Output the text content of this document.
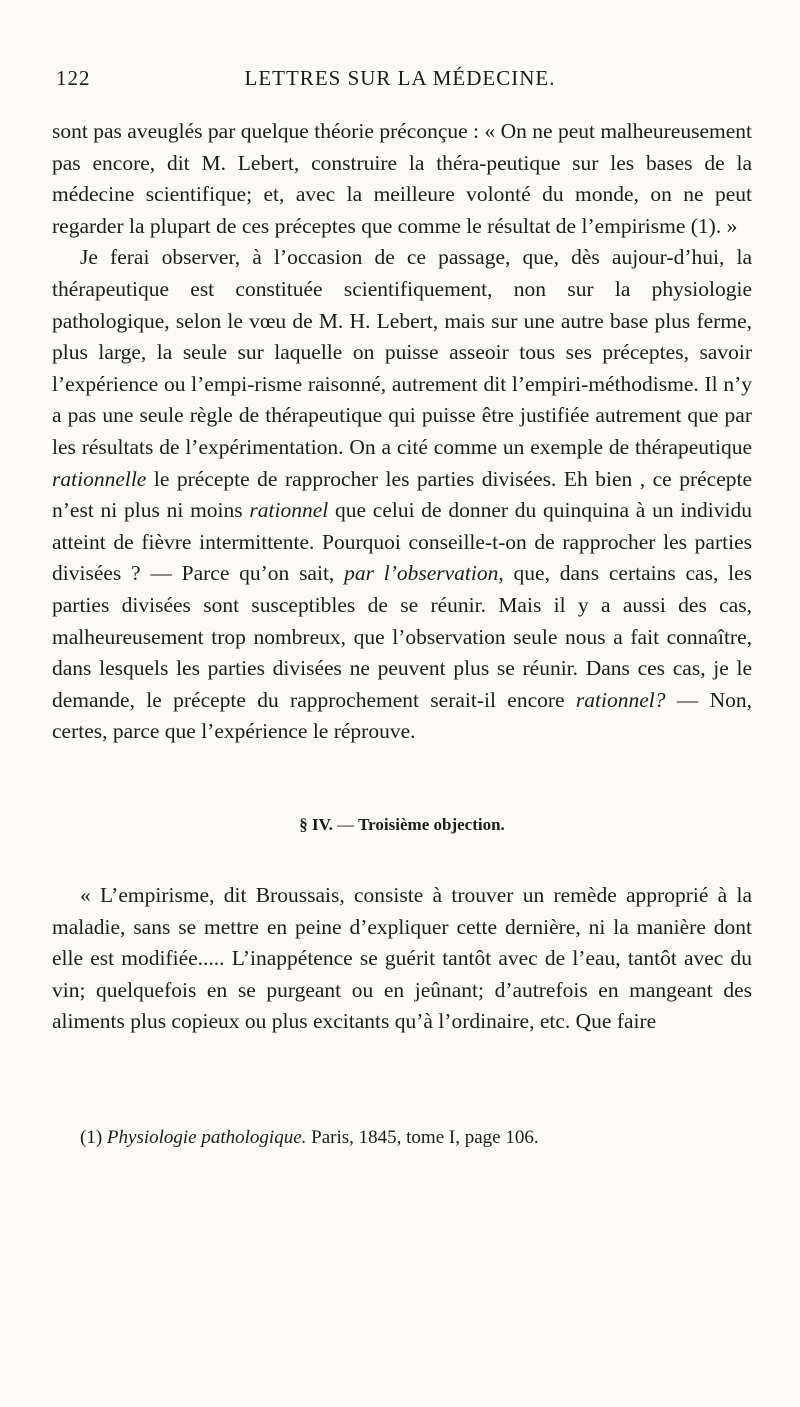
122	LETTRES SUR LA MÉDECINE.

sont pas aveuglés par quelque théorie préconçue : « On ne peut malheureusement pas encore, dit M. Lebert, construire la théra-peutique sur les bases de la médecine scientifique; et, avec la meilleure volonté du monde, on ne peut regarder la plupart de ces préceptes que comme le résultat de l’empirisme (1). »

Je ferai observer, à l’occasion de ce passage, que, dès aujour-d’hui, la thérapeutique est constituée scientifiquement, non sur la physiologie pathologique, selon le vœu de M. H. Lebert, mais sur une autre base plus ferme, plus large, la seule sur laquelle on puisse asseoir tous ses préceptes, savoir l’expérience ou l’empi-risme raisonné, autrement dit l’empiri-méthodisme. Il n’y a pas une seule règle de thérapeutique qui puisse être justifiée autrement que par les résultats de l’expérimentation. On a cité comme un exemple de thérapeutique rationnelle le précepte de rapprocher les parties divisées. Eh bien , ce précepte n’est ni plus ni moins rationnel que celui de donner du quinquina à un individu atteint de fièvre intermittente. Pourquoi conseille-t-on de rapprocher les parties divisées ? — Parce qu’on sait, par l’observation, que, dans certains cas, les parties divisées sont susceptibles de se réunir. Mais il y a aussi des cas, malheureusement trop nombreux, que l’observation seule nous a fait connaître, dans lesquels les parties divisées ne peuvent plus se réunir. Dans ces cas, je le demande, le précepte du rapprochement serait-il encore rationnel? — Non, certes, parce que l’expérience le réprouve.

§ IV. — Troisième objection.

« L’empirisme, dit Broussais, consiste à trouver un remède approprié à la maladie, sans se mettre en peine d’expliquer cette dernière, ni la manière dont elle est modifiée..... L’inappétence se guérit tantôt avec de l’eau, tantôt avec du vin; quelquefois en se purgeant ou en jeûnant; d’autrefois en mangeant des aliments plus copieux ou plus excitants qu’à l’ordinaire, etc. Que faire

(1) Physiologie pathologique. Paris, 1845, tome I, page 106.
